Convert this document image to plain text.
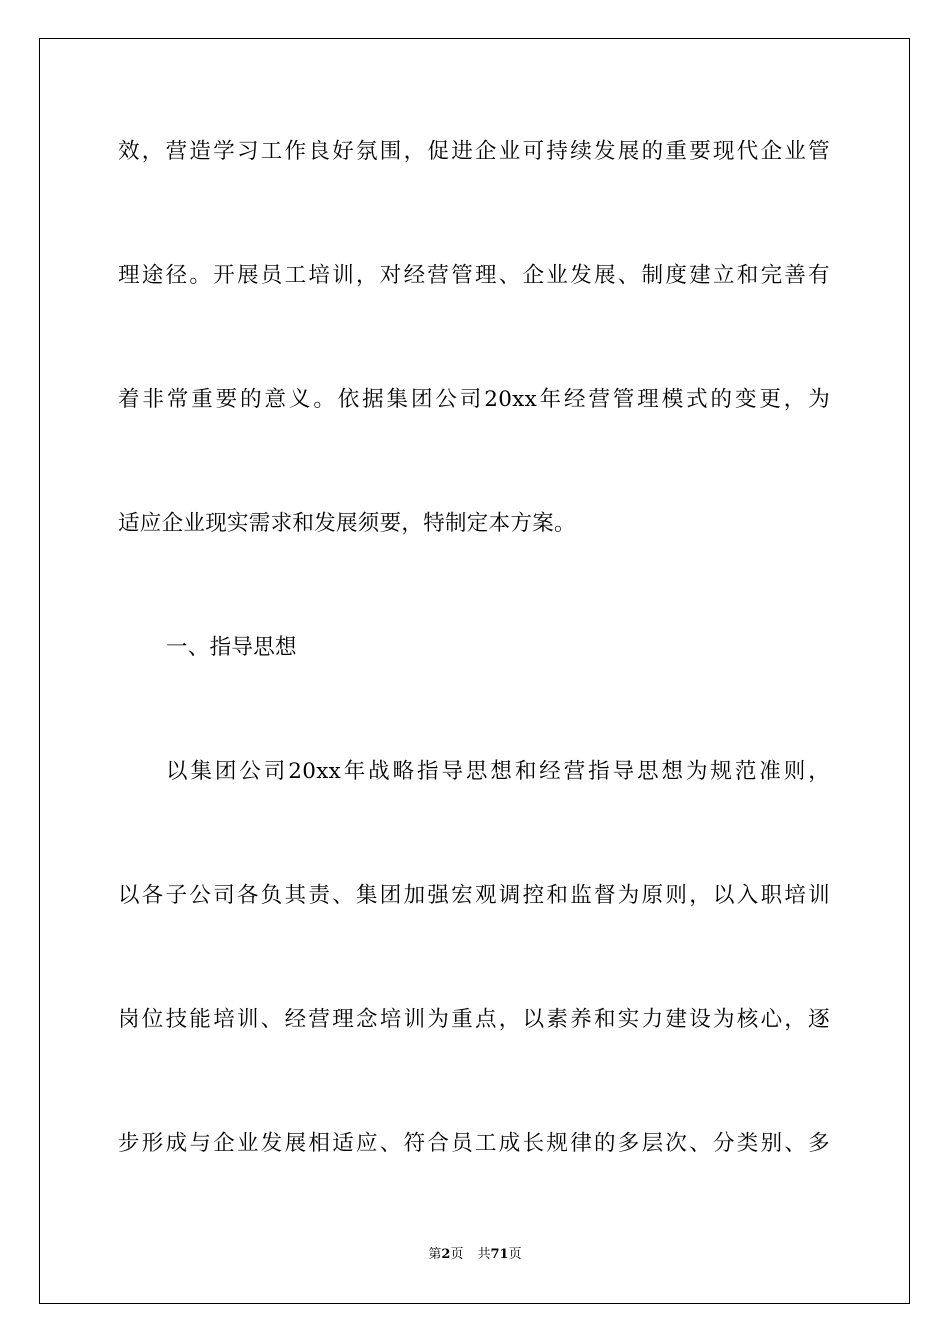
效，营造学习工作良好氛围，促进企业可持续发展的重要现代企业管
理途径。开展员工培训，对经营管理、企业发展、制度建立和完善有
着非常重要的意义。依据集团公司20xx年经营管理模式的变更，为
适应企业现实需求和发展须要，特制定本方案。
一、指导思想
以集团公司20xx年战略指导思想和经营指导思想为规范准则，
以各子公司各负其责、集团加强宏观调控和监督为原则，以入职培训
岗位技能培训、经营理念培训为重点，以素养和实力建设为核心，逐
步形成与企业发展相适应、符合员工成长规律的多层次、分类别、多
第2页 共71页
